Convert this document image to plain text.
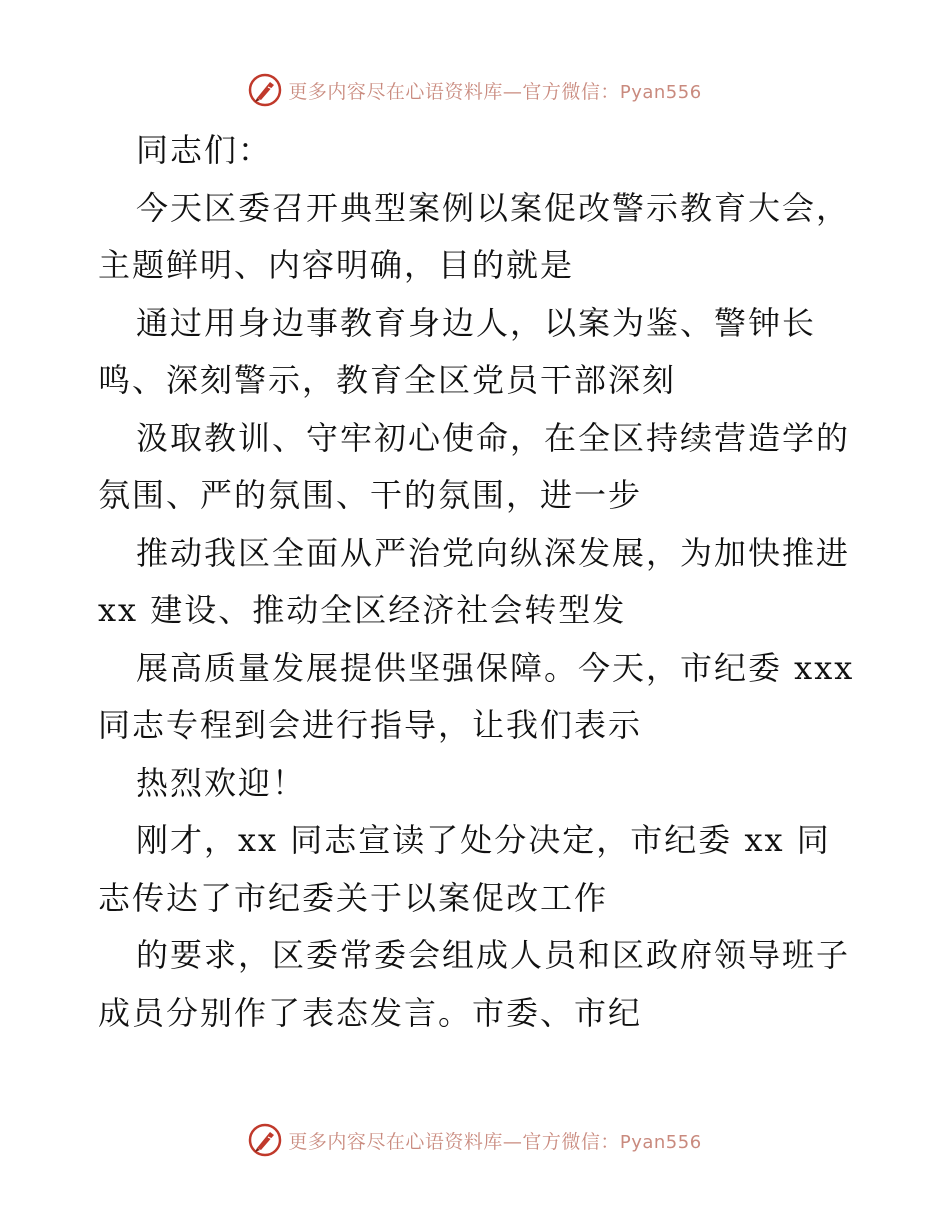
更多内容尽在心语资料库—官方微信：Pyan556
同志们：
今天区委召开典型案例以案促改警示教育大会，
主题鲜明、内容明确，目的就是
通过用身边事教育身边人，以案为鉴、警钟长
鸣、深刻警示，教育全区党员干部深刻
汲取教训、守牢初心使命，在全区持续营造学的
氛围、严的氛围、干的氛围，进一步
推动我区全面从严治党向纵深发展，为加快推进
xx 建设、推动全区经济社会转型发
展高质量发展提供坚强保障。今天，市纪委 xxx
同志专程到会进行指导，让我们表示
热烈欢迎！
刚才，xx 同志宣读了处分决定，市纪委 xx 同
志传达了市纪委关于以案促改工作
的要求，区委常委会组成人员和区政府领导班子
成员分别作了表态发言。市委、市纪
更多内容尽在心语资料库—官方微信：Pyan556
